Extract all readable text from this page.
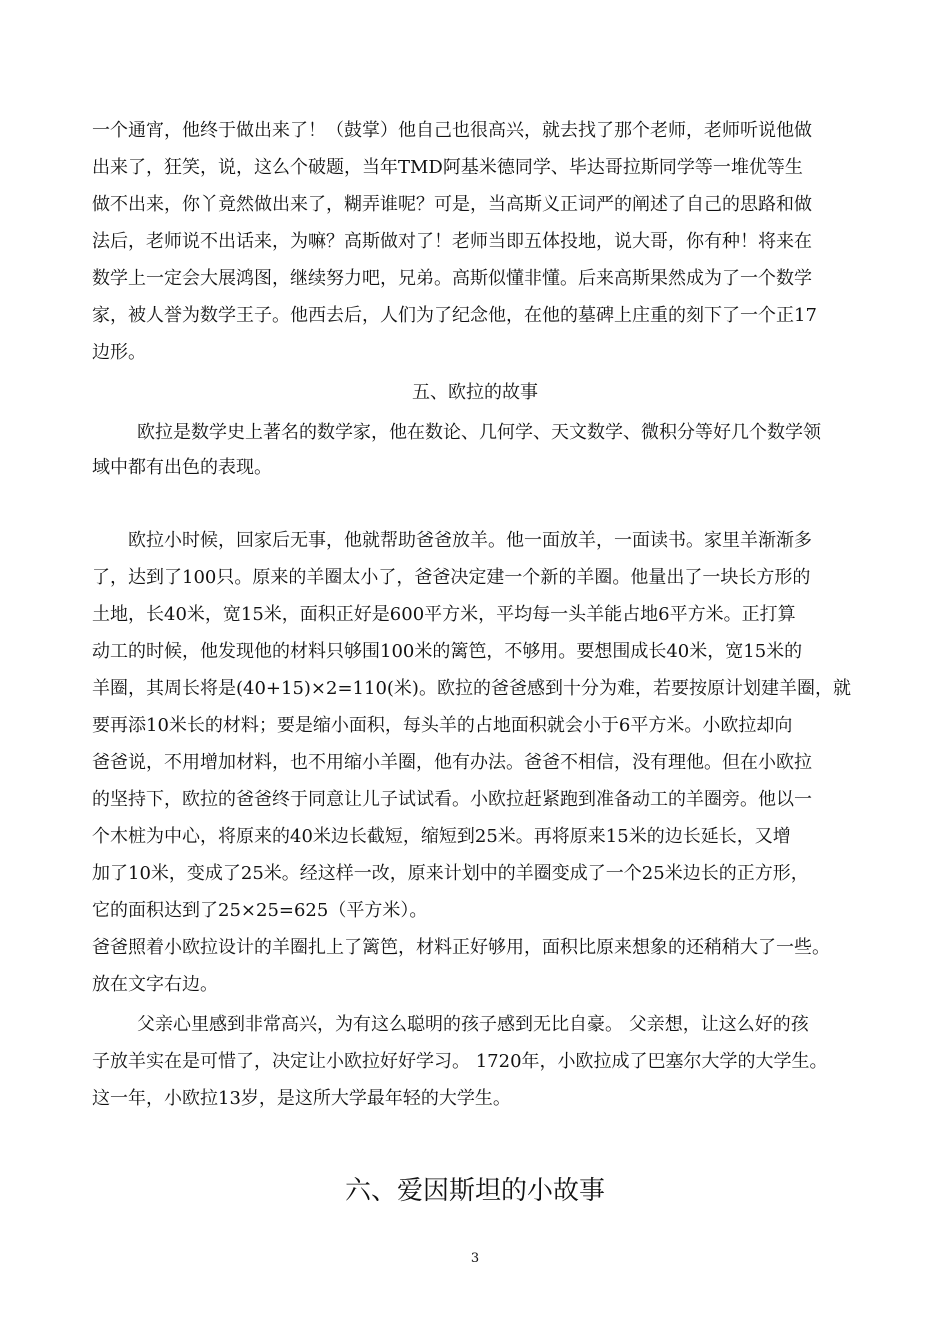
一个通宵，他终于做出来了！（鼓掌）他自己也很高兴，就去找了那个老师，老师听说他做
出来了，狂笑，说，这么个破题，当年TMD阿基米德同学、毕达哥拉斯同学等一堆优等生
做不出来，你丫竟然做出来了，糊弄谁呢？可是，当高斯义正词严的阐述了自己的思路和做
法后，老师说不出话来，为嘛？高斯做对了！老师当即五体投地，说大哥，你有种！将来在
数学上一定会大展鸿图，继续努力吧，兄弟。高斯似懂非懂。后来高斯果然成为了一个数学
家，被人誉为数学王子。他西去后，人们为了纪念他，在他的墓碑上庄重的刻下了一个正17
边形。
五、欧拉的故事
欧拉是数学史上著名的数学家，他在数论、几何学、天文数学、微积分等好几个数学领
域中都有出色的表现。
欧拉小时候，回家后无事，他就帮助爸爸放羊。他一面放羊，一面读书。家里羊渐渐多
了，达到了100只。原来的羊圈太小了，爸爸决定建一个新的羊圈。他量出了一块长方形的
土地，长40米，宽15米，面积正好是600平方米，平均每一头羊能占地6平方米。正打算
动工的时候，他发现他的材料只够围100米的篱笆，不够用。要想围成长40米，宽15米的
羊圈，其周长将是(40+15)×2=110(米)。欧拉的爸爸感到十分为难，若要按原计划建羊圈，就
要再添10米长的材料；要是缩小面积，每头羊的占地面积就会小于6平方米。小欧拉却向
爸爸说，不用增加材料，也不用缩小羊圈，他有办法。爸爸不相信，没有理他。但在小欧拉
的坚持下，欧拉的爸爸终于同意让儿子试试看。小欧拉赶紧跑到准备动工的羊圈旁。他以一
个木桩为中心，将原来的40米边长截短，缩短到25米。再将原来15米的边长延长，又增
加了10米，变成了25米。经这样一改，原来计划中的羊圈变成了一个25米边长的正方形，
它的面积达到了25×25=625（平方米）。
爸爸照着小欧拉设计的羊圈扎上了篱笆，材料正好够用，面积比原来想象的还稍稍大了一些。
放在文字右边。
父亲心里感到非常高兴，为有这么聪明的孩子感到无比自豪。 父亲想，让这么好的孩
子放羊实在是可惜了，决定让小欧拉好好学习。 1720年，小欧拉成了巴塞尔大学的大学生。
这一年，小欧拉13岁，是这所大学最年轻的大学生。
六、爱因斯坦的小故事
3
